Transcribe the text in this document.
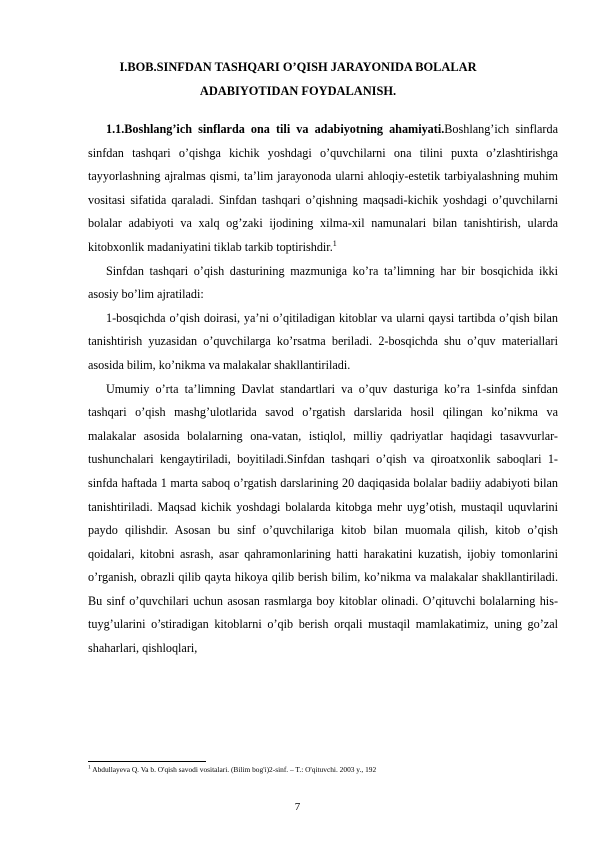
I.BOB.SINFDAN TASHQARI O’QISH JARAYONIDA BOLALAR
ADABIYOTIDAN FOYDALANISH.

1.1.Boshlang’ich sinflarda ona tili va adabiyotning ahamiyati.Boshlang’ich sinflarda sinfdan tashqari o’qishga kichik yoshdagi o’quvchilarni ona tilini puxta o’zlashtirishga tayyorlashning ajralmas qismi, ta’lim jarayonoda ularni ahloqiy-estetik tarbiyalashning muhim vositasi sifatida qaraladi. Sinfdan tashqari o’qishning maqsadi-kichik yoshdagi o’quvchilarni bolalar adabiyoti va xalq og’zaki ijodining xilma-xil namunalari bilan tanishtirish, ularda kitobxonlik madaniyatini tiklab tarkib toptirishdir.$^1$

Sinfdan tashqari o’qish dasturining mazmuniga ko’ra ta’limning har bir bosqichida ikki asosiy bo’lim ajratiladi:

1-bosqichda o’qish doirasi, ya’ni o’qitiladigan kitoblar va ularni qaysi tartibda o’qish bilan tanishtirish yuzasidan o’quvchilarga ko’rsatma beriladi. 2-bosqichda shu o’quv materiallari asosida bilim, ko’nikma va malakalar shakllantiriladi.

Umumiy o’rta ta’limning Davlat standartlari va o’quv dasturiga ko’ra 1-sinfda sinfdan tashqari o’qish mashg’ulotlarida savod o’rgatish darslarida hosil qilingan ko’nikma va malakalar asosida bolalarning ona-vatan, istiqlol, milliy qadriyatlar haqidagi tasavvurlar-tushunchalari kengaytiriladi, boyitiladi.Sinfdan tashqari o’qish va qiroatxonlik saboqlari 1-sinfda haftada 1 marta saboq o’rgatish darslarining 20 daqiqasida bolalar badiiy adabiyoti bilan tanishtiriladi. Maqsad kichik yoshdagi bolalarda kitobga mehr uyg’otish, mustaqil uquvlarini paydo qilishdir. Asosan bu sinf o’quvchilariga kitob bilan muomala qilish, kitob o’qish qoidalari, kitobni asrash, asar qahramonlarining hatti harakatini kuzatish, ijobiy tomonlarini o’rganish, obrazli qilib qayta hikoya qilib berish bilim, ko’nikma va malakalar shakllantiriladi. Bu sinf o’quvchilari uchun asosan rasmlarga boy kitoblar olinadi. O’qituvchi bolalarning his-tuyg’ularini o’stiradigan kitoblarni o’qib berish orqali mustaqil mamlakatimiz, uning go’zal shaharlari, qishloqlari,

$^1$ Abdullayeva Q. Va b. O'qish savodi vositalari. (Bilim bog'i)2-sinf. – T.: O'qituvchi. 2003 y., 192
7
